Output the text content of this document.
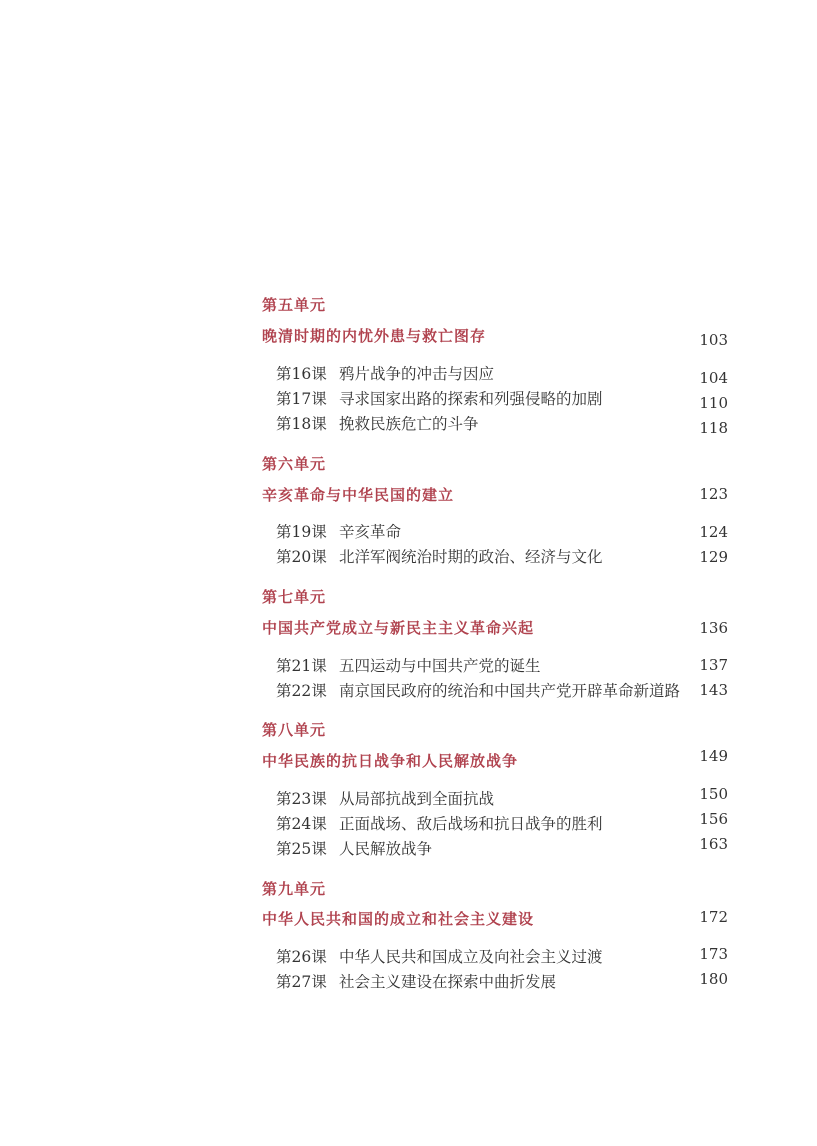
第五单元
晚清时期的内忧外患与救亡图存	103
第16课 鸦片战争的冲击与因应	104
第17课 寻求国家出路的探索和列强侵略的加剧	110
第18课 挽救民族危亡的斗争	118
第六单元
辛亥革命与中华民国的建立	123
第19课 辛亥革命	124
第20课 北洋军阀统治时期的政治、经济与文化	129
第七单元
中国共产党成立与新民主主义革命兴起	136
第21课 五四运动与中国共产党的诞生	137
第22课 南京国民政府的统治和中国共产党开辟革命新道路 143
第八单元
中华民族的抗日战争和人民解放战争	149
第23课 从局部抗战到全面抗战	150
第24课 正面战场、敌后战场和抗日战争的胜利	156
第25课 人民解放战争	163
第九单元
中华人民共和国的成立和社会主义建设	172
第26课 中华人民共和国成立及向社会主义过渡	173
第27课 社会主义建设在探索中曲折发展	180
